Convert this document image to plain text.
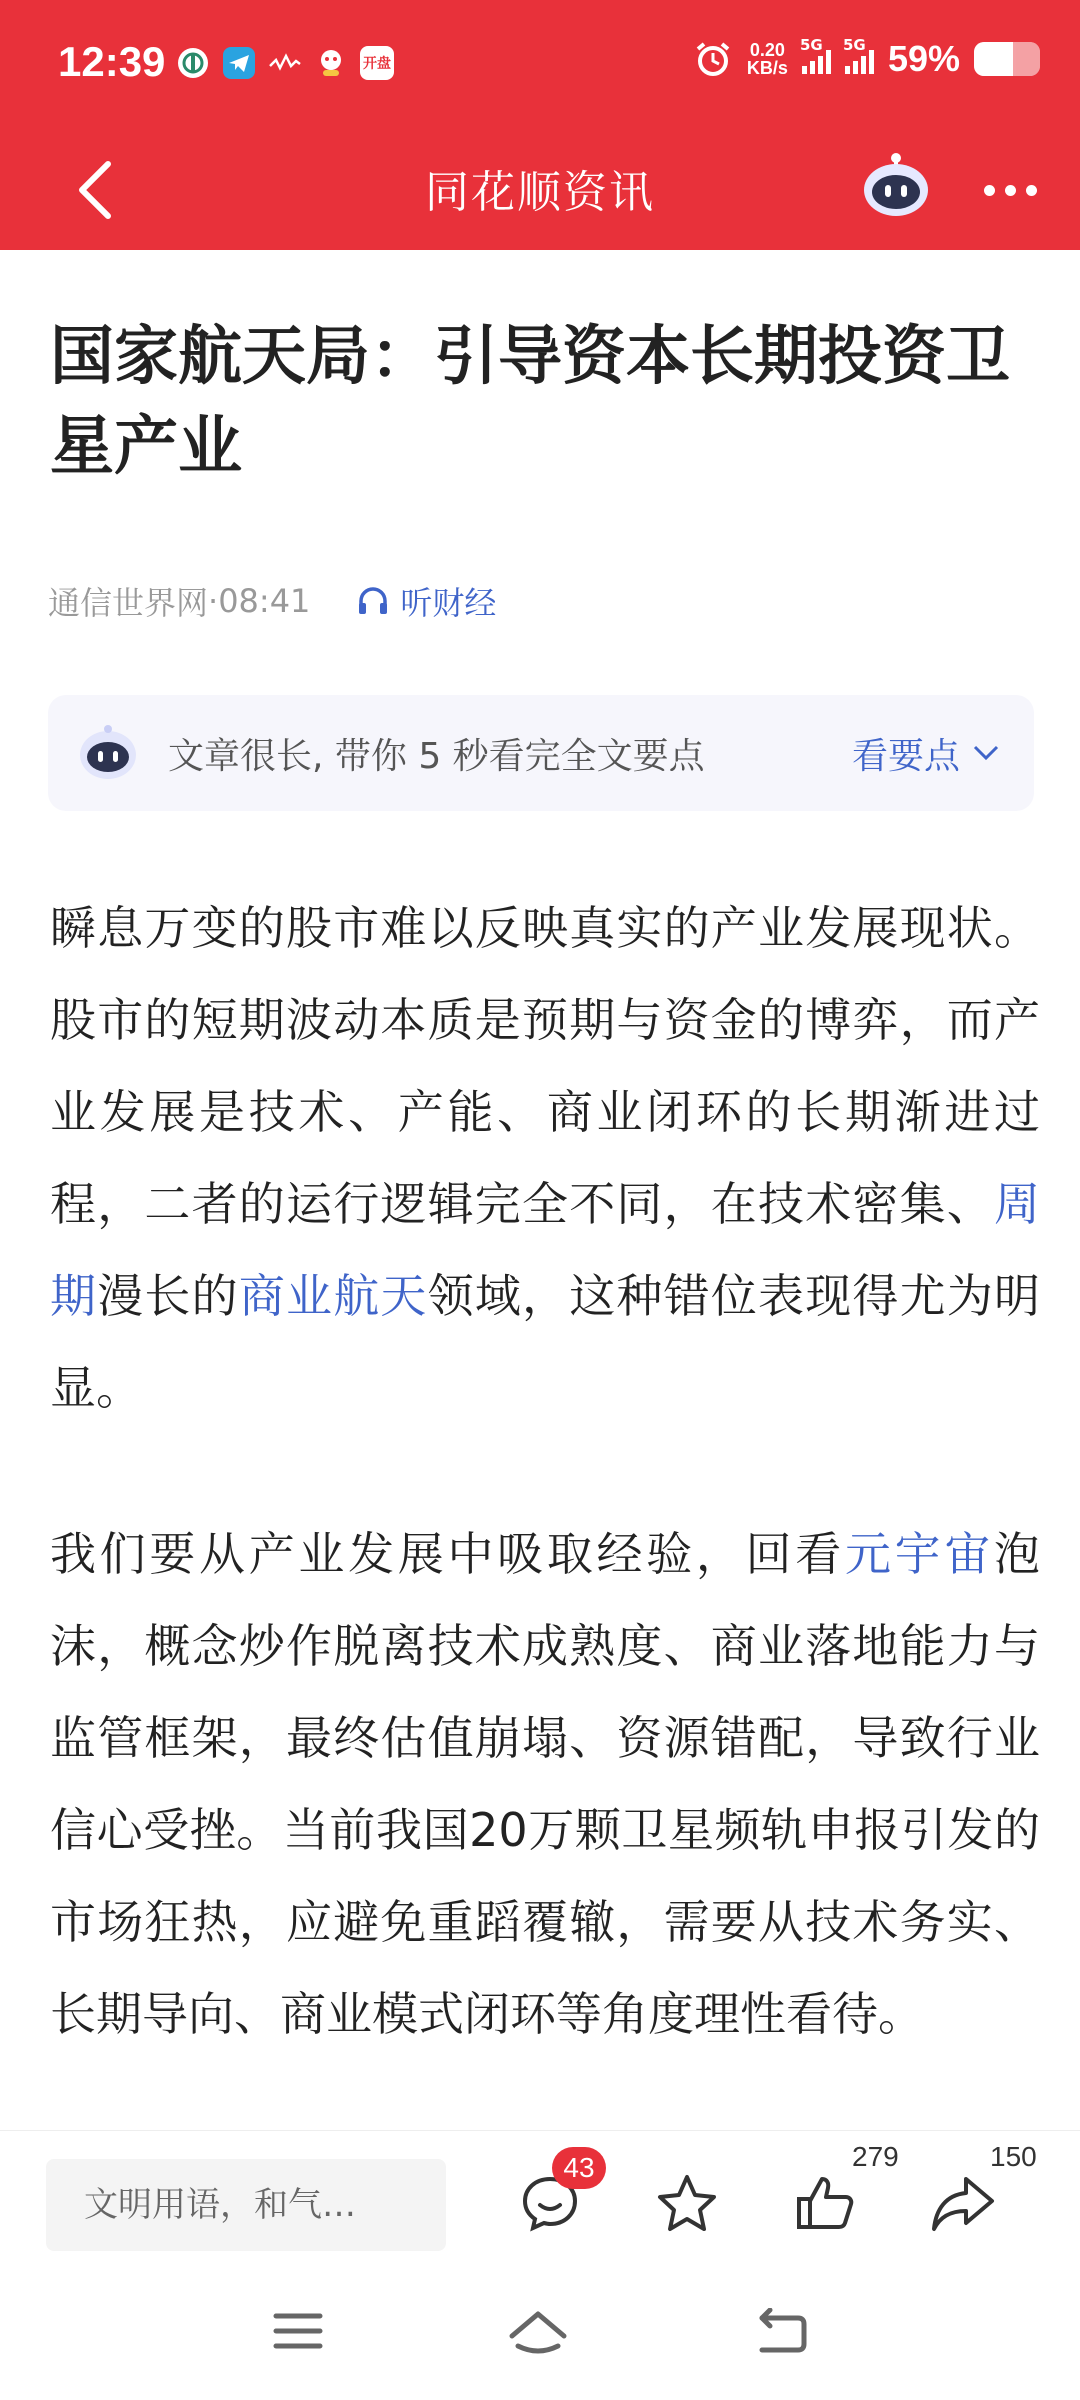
12:39	开盘
0.20
KB/s
5G 5G 59%
同花顺资讯
国家航天局：引导资本长期投资卫星产业
通信世界网 ·08:41	听财经
文章很长, 带你 5 秒看完全文要点	看要点

瞬息万变的股市难以反映真实的产业发展现状。股市的短期波动本质是预期与资金的博弈，而产业发展是技术、产能、商业闭环的长期渐进过程，二者的运行逻辑完全不同，在技术密集、周期漫长的商业航天领域，这种错位表现得尤为明显。

我们要从产业发展中吸取经验，回看元宇宙泡沫，概念炒作脱离技术成熟度、商业落地能力与监管框架，最终估值崩塌、资源错配，导致行业信心受挫。当前我国20万颗卫星频轨申报引发的市场狂热，应避免重蹈覆辙，需要从技术务实、长期导向、商业模式闭环等角度理性看待。

文明用语，和气…
43	279	150
